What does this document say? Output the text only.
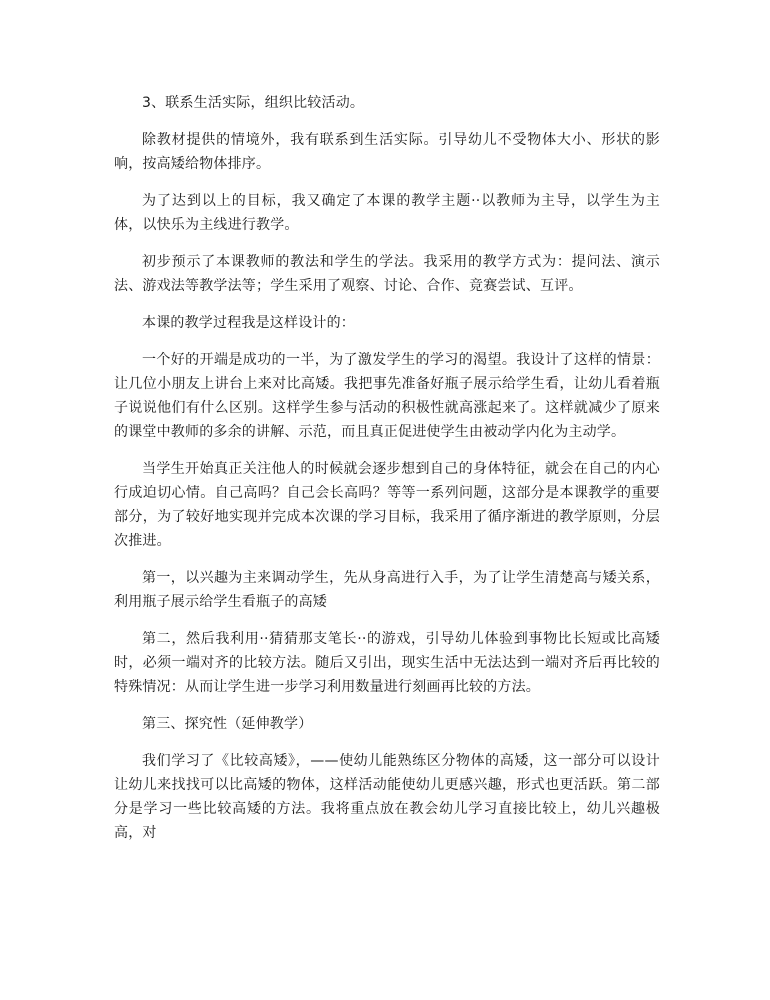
3、联系生活实际，组织比较活动。

除教材提供的情境外，我有联系到生活实际。引导幼儿不受物体大小、形状的影响，按高矮给物体排序。

为了达到以上的目标，我又确定了本课的教学主题··以教师为主导，以学生为主体，以快乐为主线进行教学。

初步预示了本课教师的教法和学生的学法。我采用的教学方式为：提问法、演示法、游戏法等教学法等；学生采用了观察、讨论、合作、竞赛尝试、互评。

本课的教学过程我是这样设计的：

一个好的开端是成功的一半，为了激发学生的学习的渴望。我设计了这样的情景：让几位小朋友上讲台上来对比高矮。我把事先准备好瓶子展示给学生看，让幼儿看着瓶子说说他们有什么区别。这样学生参与活动的积极性就高涨起来了。这样就减少了原来的课堂中教师的多余的讲解、示范，而且真正促进使学生由被动学内化为主动学。

当学生开始真正关注他人的时候就会逐步想到自己的身体特征，就会在自己的内心行成迫切心情。自己高吗？自己会长高吗？等等一系列问题，这部分是本课教学的重要部分，为了较好地实现并完成本次课的学习目标，我采用了循序渐进的教学原则，分层次推进。

第一，以兴趣为主来调动学生，先从身高进行入手，为了让学生清楚高与矮关系，利用瓶子展示给学生看瓶子的高矮

第二，然后我利用··猜猜那支笔长··的游戏，引导幼儿体验到事物比长短或比高矮时，必须一端对齐的比较方法。随后又引出，现实生活中无法达到一端对齐后再比较的特殊情况：从而让学生进一步学习利用数量进行刻画再比较的方法。

第三、探究性（延伸教学）

我们学习了《比较高矮》，——使幼儿能熟练区分物体的高矮，这一部分可以设计让幼儿来找找可以比高矮的物体，这样活动能使幼儿更感兴趣，形式也更活跃。第二部分是学习一些比较高矮的方法。我将重点放在教会幼儿学习直接比较上，幼儿兴趣极高，对
